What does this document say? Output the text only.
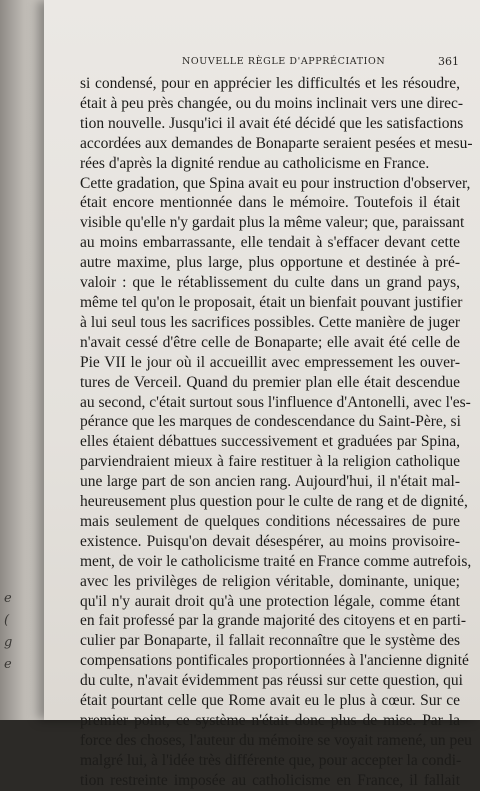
e
(
g
e
NOUVELLE RÈGLE D'APPRÉCIATION	361
si condensé, pour en apprécier les difficultés et les résoudre,
était à peu près changée, ou du moins inclinait vers une direc-
tion nouvelle. Jusqu'ici il avait été décidé que les satisfactions
accordées aux demandes de Bonaparte seraient pesées et mesu-
rées d'après la dignité rendue au catholicisme en France.
Cette gradation, que Spina avait eu pour instruction d'observer,
était encore mentionnée dans le mémoire. Toutefois il était
visible qu'elle n'y gardait plus la même valeur; que, paraissant
au moins embarrassante, elle tendait à s'effacer devant cette
autre maxime, plus large, plus opportune et destinée à pré-
valoir : que le rétablissement du culte dans un grand pays,
même tel qu'on le proposait, était un bienfait pouvant justifier
à lui seul tous les sacrifices possibles. Cette manière de juger
n'avait cessé d'être celle de Bonaparte; elle avait été celle de
Pie VII le jour où il accueillit avec empressement les ouver-
tures de Verceil. Quand du premier plan elle était descendue
au second, c'était surtout sous l'influence d'Antonelli, avec l'es-
pérance que les marques de condescendance du Saint-Père, si
elles étaient débattues successivement et graduées par Spina,
parviendraient mieux à faire restituer à la religion catholique
une large part de son ancien rang. Aujourd'hui, il n'était mal-
heureusement plus question pour le culte de rang et de dignité,
mais seulement de quelques conditions nécessaires de pure
existence. Puisqu'on devait désespérer, au moins provisoire-
ment, de voir le catholicisme traité en France comme autrefois,
avec les privilèges de religion véritable, dominante, unique;
qu'il n'y aurait droit qu'à une protection légale, comme étant
en fait professé par la grande majorité des citoyens et en parti-
culier par Bonaparte, il fallait reconnaître que le système des
compensations pontificales proportionnées à l'ancienne dignité
du culte, n'avait évidemment pas réussi sur cette question, qui
était pourtant celle que Rome avait eu le plus à cœur. Sur ce
premier point, ce système n'était donc plus de mise. Par la
force des choses, l'auteur du mémoire se voyait ramené, un peu
malgré lui, à l'idée très différente que, pour accepter la condi-
tion restreinte imposée au catholicisme en France, il fallait
